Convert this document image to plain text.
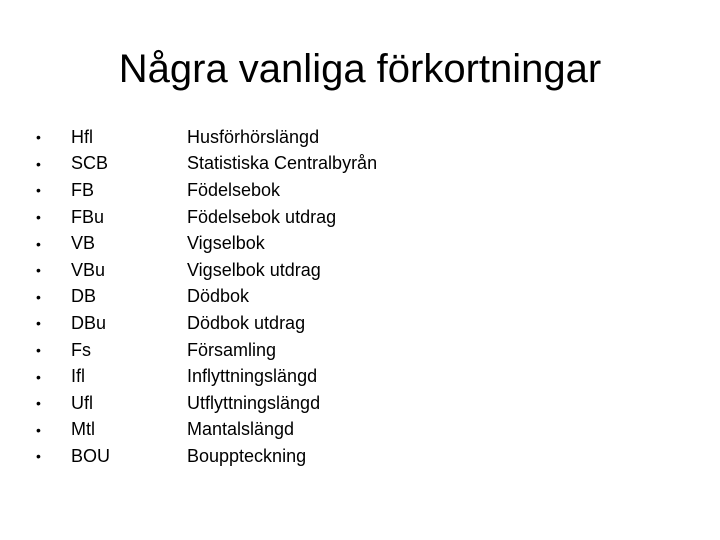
Några vanliga förkortningar
•	Hfl	Husförhörslängd
•	SCB	Statistiska Centralbyrån
•	FB	Födelsebok
•	FBu	Födelsebok utdrag
•	VB	Vigselbok
•	VBu	Vigselbok utdrag
•	DB	Dödbok
•	DBu	Dödbok utdrag
•	Fs	Församling
•	Ifl	Inflyttningslängd
•	Ufl	Utflyttningslängd
•	Mtl	Mantalslängd
•	BOU	Bouppteckning
